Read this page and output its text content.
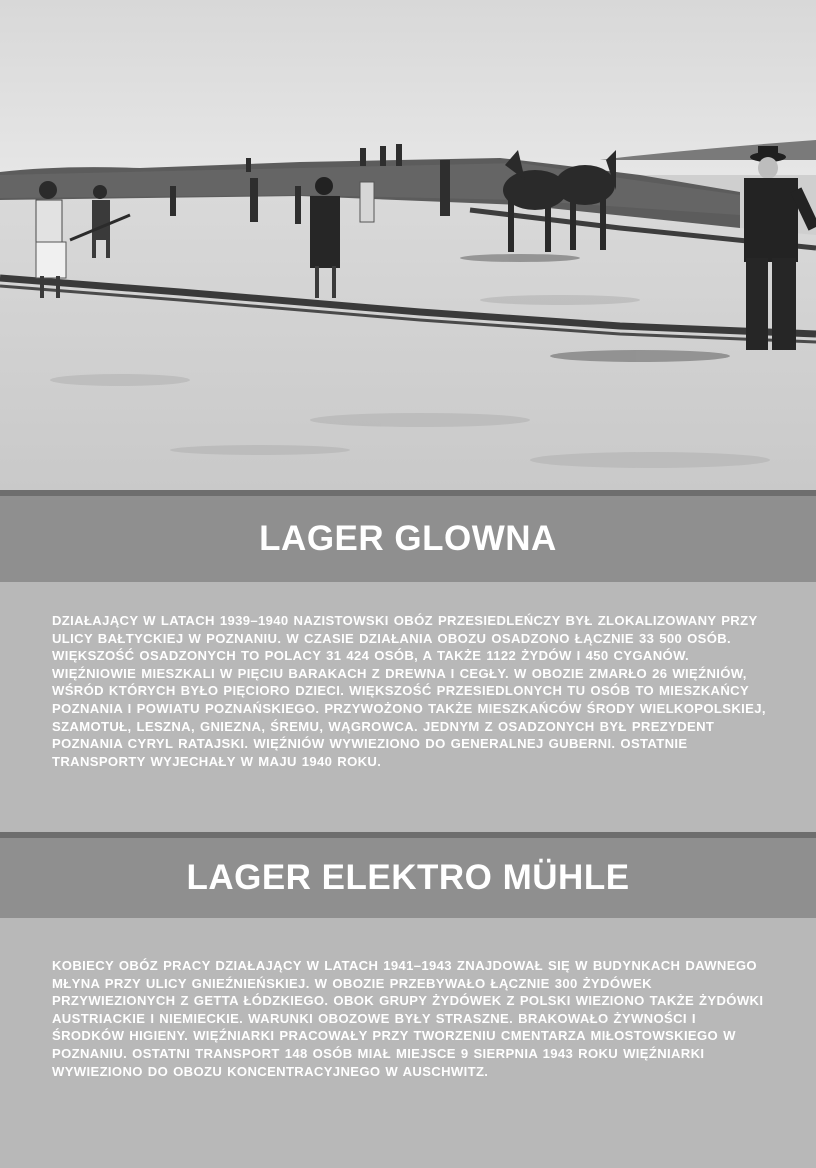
LAGER GLOWNA

DZIAŁAJĄCY W LATACH 1939–1940 NAZISTOWSKI OBÓZ PRZESIEDLEŃCZY BYŁ ZLOKALIZOWANY PRZY ULICY BAŁTYCKIEJ W POZNANIU. W CZASIE DZIAŁANIA OBOZU OSADZONO ŁĄCZNIE 33 500 OSÓB. WIĘKSZOŚĆ OSADZONYCH TO POLACY 31 424 OSÓB, A TAKŻE 1122 ŻYDÓW I 450 CYGANÓW. WIĘŹNIOWIE MIESZKALI W PIĘCIU BARAKACH Z DREWNA I CEGŁY. W OBOZIE ZMARŁO 26 WIĘŹNIÓW, WŚRÓD KTÓRYCH BYŁO PIĘCIORO DZIECI. WIĘKSZOŚĆ PRZESIEDLONYCH TU OSÓB TO MIESZKAŃCY POZNANIA I POWIATU POZNAŃSKIEGO. PRZYWOŻONO TAKŻE MIESZKAŃCÓW ŚRODY WIELKOPOLSKIEJ, SZAMOTUŁ, LESZNA, GNIEZNA, ŚREMU, WĄGROWCA. JEDNYM Z OSADZONYCH BYŁ PREZYDENT POZNANIA CYRYL RATAJSKI. WIĘŹNIÓW WYWIEZIONO DO GENERALNEJ GUBERNI. OSTATNIE TRANSPORTY WYJECHAŁY W MAJU 1940 ROKU.

LAGER ELEKTRO MÜHLE

KOBIECY OBÓZ PRACY DZIAŁAJĄCY W LATACH 1941–1943 ZNAJDOWAŁ SIĘ W BUDYNKACH DAWNEGO MŁYNA PRZY ULICY GNIEŹNIEŃSKIEJ. W OBOZIE PRZEBYWAŁO ŁĄCZNIE 300 ŻYDÓWEK PRZYWIEZIONYCH Z GETTA ŁÓDZKIEGO. OBOK GRUPY ŻYDÓWEK Z POLSKI WIEZIONO TAKŻE ŻYDÓWKI AUSTRIACKIE I NIEMIECKIE. WARUNKI OBOZOWE BYŁY STRASZNE. BRAKOWAŁO ŻYWNOŚCI I ŚRODKÓW HIGIENY. WIĘŹNIARKI PRACOWAŁY PRZY TWORZENIU CMENTARZA MIŁOSTOWSKIEGO W POZNANIU. OSTATNI TRANSPORT 148 OSÓB MIAŁ MIEJSCE 9 SIERPNIA 1943 ROKU WIĘŹNIARKI WYWIEZIONO DO OBOZU KONCENTRACYJNEGO W AUSCHWITZ.
